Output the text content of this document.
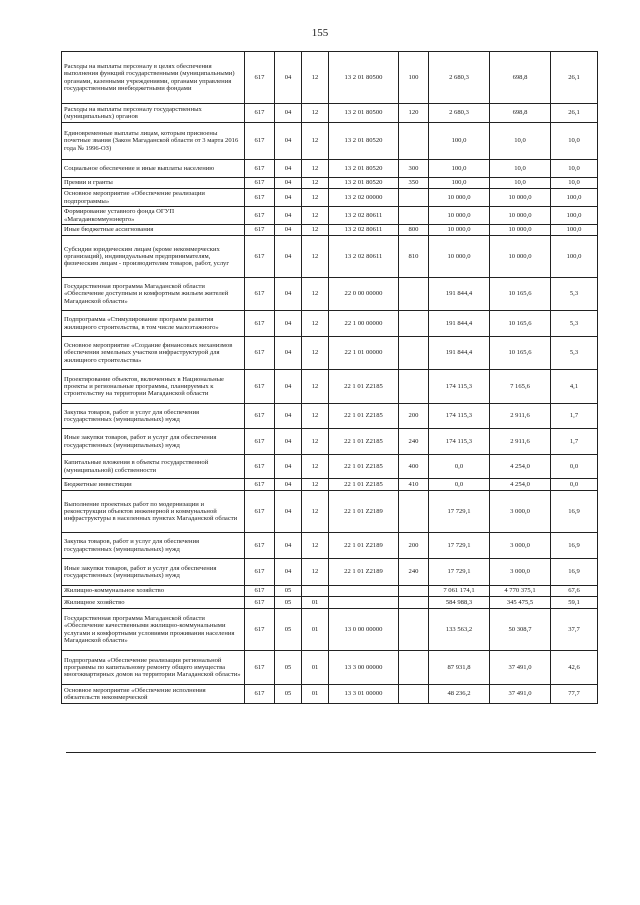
155
Расходы на выплаты персоналу в целях обеспечения выполнения функций государственными (муниципальными) органами, казенными учреждениями, органами управления государственными внебюджетными фондами	617	04	12	13 2 01 80500	100	2 680,3	698,8	26,1
Расходы на выплаты персоналу государственных (муниципальных) органов	617	04	12	13 2 01 80500	120	2 680,3	698,8	26,1
Единовременные выплаты лицам, которым присвоены почетные звания (Закон Магаданской области от 3 марта 2016 года № 1996-ОЗ)	617	04	12	13 2 01 80520		100,0	10,0	10,0
Социальное обеспечение и иные выплаты населению	617	04	12	13 2 01 80520	300	100,0	10,0	10,0
Премии и гранты	617	04	12	13 2 01 80520	350	100,0	10,0	10,0
Основное мероприятие «Обеспечение реализации подпрограммы»	617	04	12	13 2 02 00000		10 000,0	10 000,0	100,0
Формирование уставного фонда ОГУП «Магаданкоммунэнерго»	617	04	12	13 2 02 80611		10 000,0	10 000,0	100,0
Иные бюджетные ассигнования	617	04	12	13 2 02 80611	800	10 000,0	10 000,0	100,0
Субсидии юридическим лицам (кроме некоммерческих организаций), индивидуальным предпринимателям, физическим лицам - производителям товаров, работ, услуг	617	04	12	13 2 02 80611	810	10 000,0	10 000,0	100,0
Государственная программа Магаданской области «Обеспечение доступным и комфортным жильем жителей Магаданской области»	617	04	12	22 0 00 00000		191 844,4	10 165,6	5,3
Подпрограмма «Стимулирование программ развития жилищного строительства, в том числе малоэтажного»	617	04	12	22 1 00 00000		191 844,4	10 165,6	5,3
Основное мероприятие «Создание финансовых механизмов обеспечения земельных участков инфраструктурой для жилищного строительства»	617	04	12	22 1 01 00000		191 844,4	10 165,6	5,3
Проектирование объектов, включенных в Национальные проекты и региональные программы, планируемых к строительству на территории Магаданской области	617	04	12	22 1 01 Z2185		174 115,3	7 165,6	4,1
Закупка товаров, работ и услуг для обеспечения государственных (муниципальных) нужд	617	04	12	22 1 01 Z2185	200	174 115,3	2 911,6	1,7
Иные закупки товаров, работ и услуг для обеспечения государственных (муниципальных) нужд	617	04	12	22 1 01 Z2185	240	174 115,3	2 911,6	1,7
Капитальные вложения в объекты государственной (муниципальной) собственности	617	04	12	22 1 01 Z2185	400	0,0	4 254,0	0,0
Бюджетные инвестиции	617	04	12	22 1 01 Z2185	410	0,0	4 254,0	0,0
Выполнение проектных работ по модернизации и реконструкции объектов инженерной и коммунальной инфраструктуры в населенных пунктах Магаданской области	617	04	12	22 1 01 Z2189		17 729,1	3 000,0	16,9
Закупка товаров, работ и услуг для обеспечения государственных (муниципальных) нужд	617	04	12	22 1 01 Z2189	200	17 729,1	3 000,0	16,9
Иные закупки товаров, работ и услуг для обеспечения государственных (муниципальных) нужд	617	04	12	22 1 01 Z2189	240	17 729,1	3 000,0	16,9
Жилищно-коммунальное хозяйство	617	05				7 061 174,1	4 770 375,1	67,6
Жилищное хозяйство	617	05	01			584 988,3	345 475,5	59,1
Государственная программа Магаданской области «Обеспечение качественными жилищно-коммунальными услугами и комфортными условиями проживания населения Магаданской области»	617	05	01	13 0 00 00000		133 563,2	50 308,7	37,7
Подпрограмма «Обеспечение реализации региональной программы по капитальному ремонту общего имущества многоквартирных домов на территории Магаданской области»	617	05	01	13 3 00 00000		87 931,8	37 491,0	42,6
Основное мероприятие «Обеспечение исполнения обязательств некоммерческой	617	05	01	13 3 01 00000		48 236,2	37 491,0	77,7
